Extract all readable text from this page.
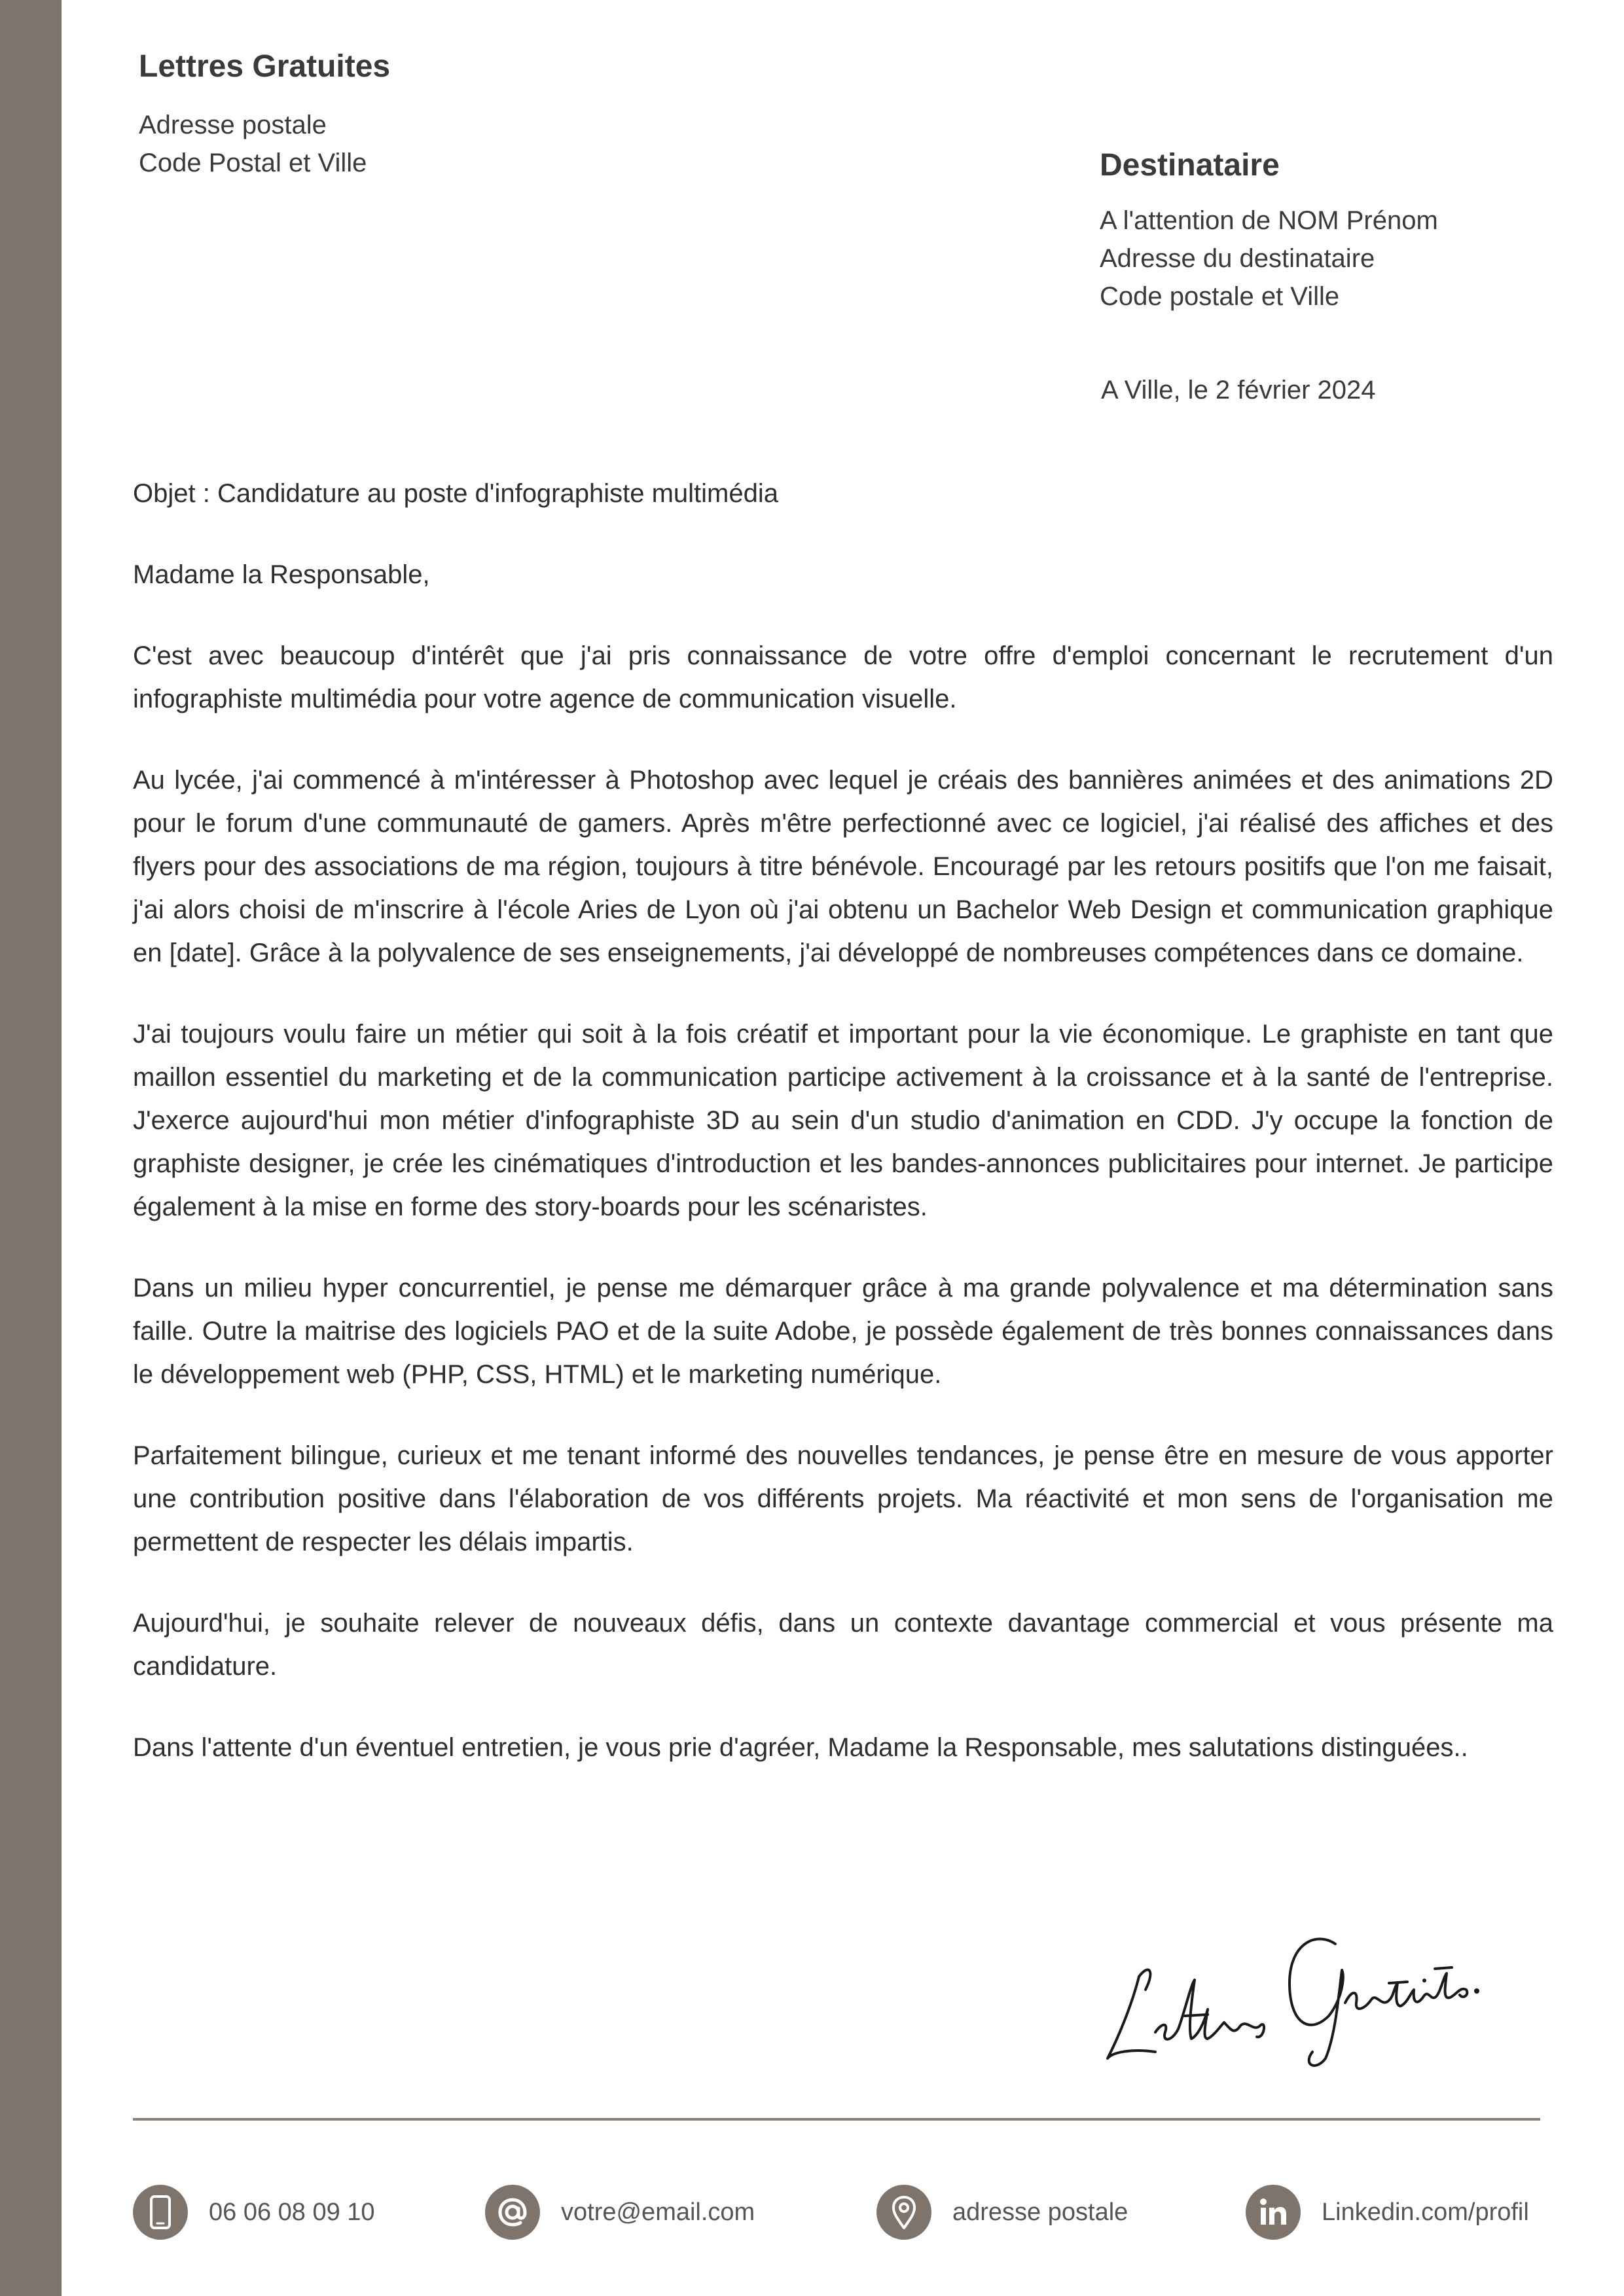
Lettres Gratuites
Adresse postale
Code Postal et Ville	Destinataire
A l'attention de NOM Prénom
Adresse du destinataire
Code postale et Ville
A Ville, le 2 février 2024

Objet : Candidature au poste d'infographiste multimédia

Madame la Responsable,

C'est avec beaucoup d'intérêt que j'ai pris connaissance de votre offre d'emploi concernant le recrutement d'un infographiste multimédia pour votre agence de communication visuelle.

Au lycée, j'ai commencé à m'intéresser à Photoshop avec lequel je créais des bannières animées et des animations 2D pour le forum d'une communauté de gamers. Après m'être perfectionné avec ce logiciel, j'ai réalisé des affiches et des flyers pour des associations de ma région, toujours à titre bénévole. Encouragé par les retours positifs que l'on me faisait, j'ai alors choisi de m'inscrire à l'école Aries de Lyon où j'ai obtenu un Bachelor Web Design et communication graphique en [date]. Grâce à la polyvalence de ses enseignements, j'ai développé de nombreuses compétences dans ce domaine.

J'ai toujours voulu faire un métier qui soit à la fois créatif et important pour la vie économique. Le graphiste en tant que maillon essentiel du marketing et de la communication participe activement à la croissance et à la santé de l'entreprise. J'exerce aujourd'hui mon métier d'infographiste 3D au sein d'un studio d'animation en CDD. J'y occupe la fonction de graphiste designer, je crée les cinématiques d'introduction et les bandes-annonces publicitaires pour internet. Je participe également à la mise en forme des story-boards pour les scénaristes.

Dans un milieu hyper concurrentiel, je pense me démarquer grâce à ma grande polyvalence et ma détermination sans faille. Outre la maitrise des logiciels PAO et de la suite Adobe, je possède également de très bonnes connaissances dans le développement web (PHP, CSS, HTML) et le marketing numérique.

Parfaitement bilingue, curieux et me tenant informé des nouvelles tendances, je pense être en mesure de vous apporter une contribution positive dans l'élaboration de vos différents projets. Ma réactivité et mon sens de l'organisation me permettent de respecter les délais impartis.

Aujourd'hui, je souhaite relever de nouveaux défis, dans un contexte davantage commercial et vous présente ma candidature.

Dans l'attente d'un éventuel entretien, je vous prie d'agréer, Madame la Responsable, mes salutations distinguées..

06 06 08 09 10	votre@email.com	adresse postale	Linkedin.com/profil
